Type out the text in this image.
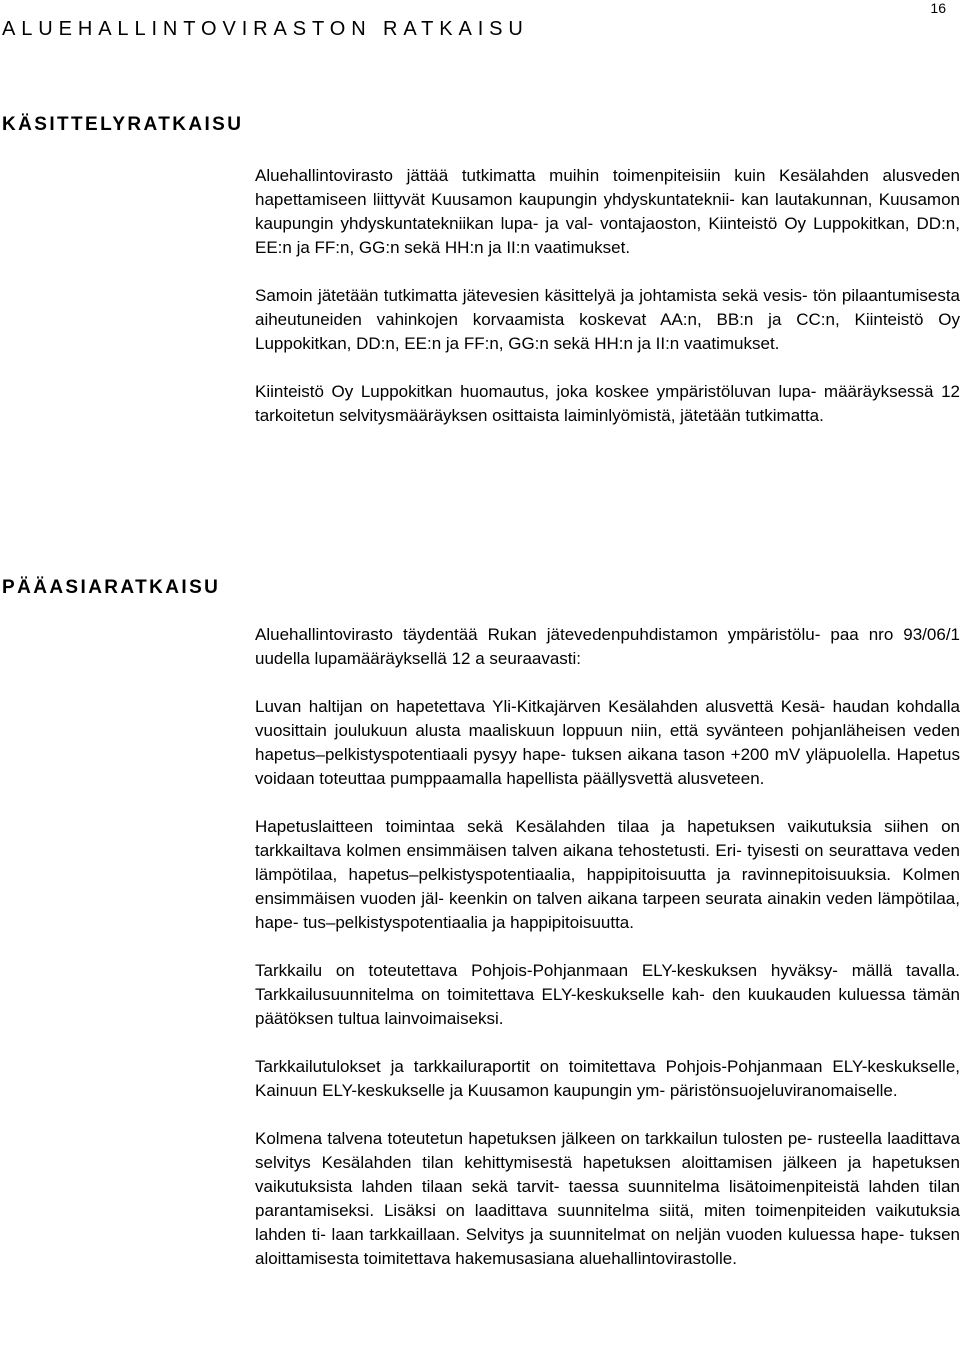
16
ALUEHALLINTOVIRASTON RATKAISU
KÄSITTELYRATKAISU

Aluehallintovirasto jättää tutkimatta muihin toimenpiteisiin kuin Kesälahden alusveden hapettamiseen liittyvät Kuusamon kaupungin yhdyskuntateknii- kan lautakunnan, Kuusamon kaupungin yhdyskuntatekniikan lupa- ja val- vontajaoston, Kiinteistö Oy Luppokitkan, DD:n, EE:n ja FF:n, GG:n sekä HH:n ja II:n vaatimukset.

Samoin jätetään tutkimatta jätevesien käsittelyä ja johtamista sekä vesis- tön pilaantumisesta aiheutuneiden vahinkojen korvaamista koskevat AA:n, BB:n ja CC:n, Kiinteistö Oy Luppokitkan, DD:n, EE:n ja FF:n, GG:n sekä HH:n ja II:n vaatimukset.

Kiinteistö Oy Luppokitkan huomautus, joka koskee ympäristöluvan lupa- määräyksessä 12 tarkoitetun selvitysmääräyksen osittaista laiminlyömistä, jätetään tutkimatta.

PÄÄASIARATKAISU

Aluehallintovirasto täydentää Rukan jätevedenpuhdistamon ympäristölu- paa nro 93/06/1 uudella lupamääräyksellä 12 a seuraavasti:

Luvan haltijan on hapetettava Yli-Kitkajärven Kesälahden alusvettä Kesä- haudan kohdalla vuosittain joulukuun alusta maaliskuun loppuun niin, että syvänteen pohjanläheisen veden hapetus–pelkistyspotentiaali pysyy hape- tuksen aikana tason +200 mV yläpuolella. Hapetus voidaan toteuttaa pumppaamalla hapellista päällysvettä alusveteen.

Hapetuslaitteen toimintaa sekä Kesälahden tilaa ja hapetuksen vaikutuksia siihen on tarkkailtava kolmen ensimmäisen talven aikana tehostetusti. Eri- tyisesti on seurattava veden lämpötilaa, hapetus–pelkistyspotentiaalia, happipitoisuutta ja ravinnepitoisuuksia. Kolmen ensimmäisen vuoden jäl- keenkin on talven aikana tarpeen seurata ainakin veden lämpötilaa, hape- tus–pelkistyspotentiaalia ja happipitoisuutta.

Tarkkailu on toteutettava Pohjois-Pohjanmaan ELY-keskuksen hyväksy- mällä tavalla. Tarkkailusuunnitelma on toimitettava ELY-keskukselle kah- den kuukauden kuluessa tämän päätöksen tultua lainvoimaiseksi.

Tarkkailutulokset ja tarkkailuraportit on toimitettava Pohjois-Pohjanmaan ELY-keskukselle, Kainuun ELY-keskukselle ja Kuusamon kaupungin ym- päristönsuojeluviranomaiselle.

Kolmena talvena toteutetun hapetuksen jälkeen on tarkkailun tulosten pe- rusteella laadittava selvitys Kesälahden tilan kehittymisestä hapetuksen aloittamisen jälkeen ja hapetuksen vaikutuksista lahden tilaan sekä tarvit- taessa suunnitelma lisätoimenpiteistä lahden tilan parantamiseksi. Lisäksi on laadittava suunnitelma siitä, miten toimenpiteiden vaikutuksia lahden ti- laan tarkkaillaan. Selvitys ja suunnitelmat on neljän vuoden kuluessa hape- tuksen aloittamisesta toimitettava hakemusasiana aluehallintovirastolle.
